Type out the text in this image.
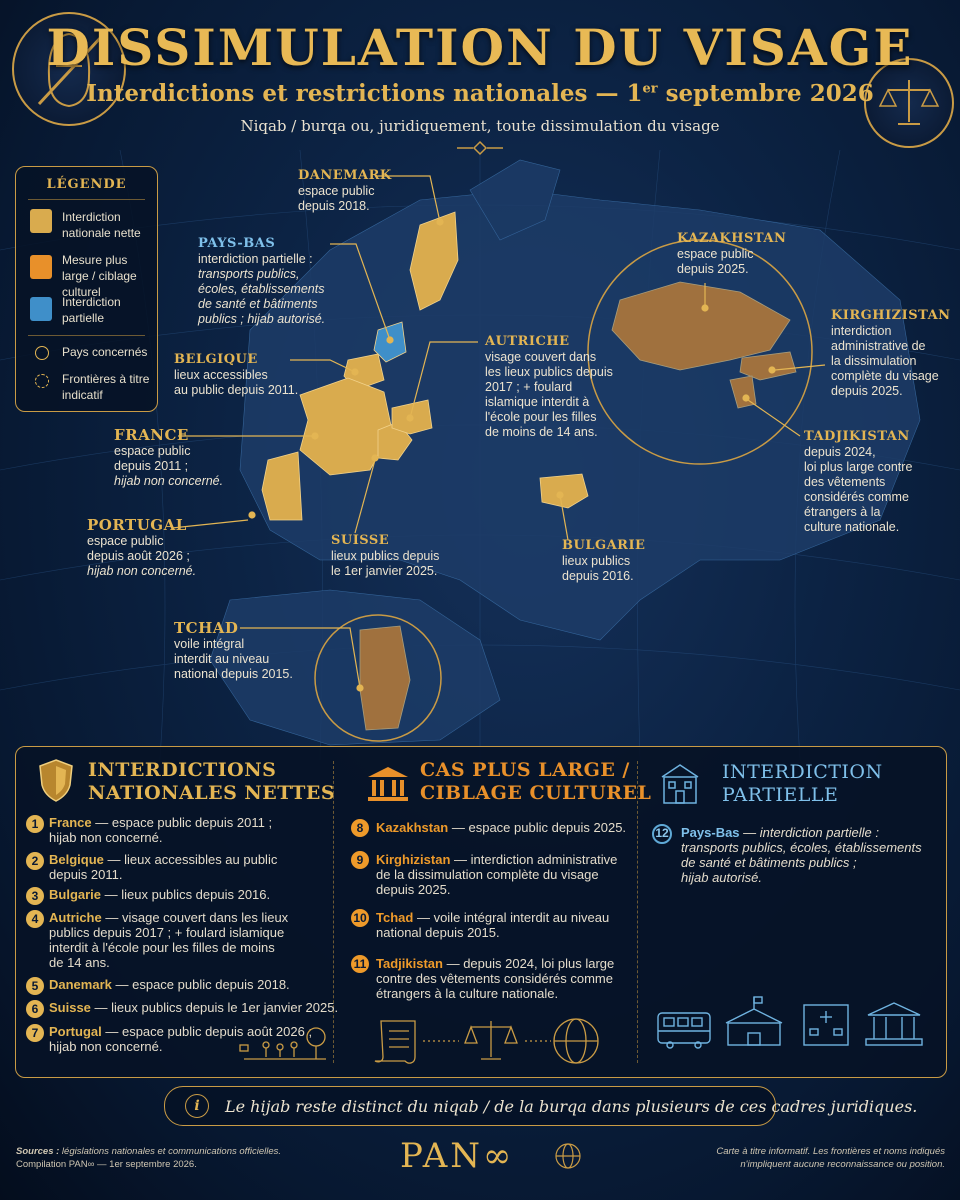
DISSIMULATION DU VISAGE
Interdictions et restrictions nationales — 1er septembre 2026
Niqab / burqa ou, juridiquement, toute dissimulation du visage
LÉGENDE
Interdiction nationale nette
Mesure plus large / ciblage culturel
Interdiction partielle
Pays concernés
Frontières à titre indicatif
DANEMARK
espace public
depuis 2018.
PAYS-BAS
interdiction partielle :
transports publics,
écoles, établissements
de santé et bâtiments
publics ; hijab autorisé.
BELGIQUE
lieux accessibles
au public depuis 2011.
FRANCE
espace public
depuis 2011 ;
hijab non concerné.
PORTUGAL
espace public
depuis août 2026 ;
hijab non concerné.
SUISSE
lieux publics depuis
le 1er janvier 2025.
AUTRICHE
visage couvert dans
les lieux publics depuis
2017 ; + foulard
islamique interdit à
l'école pour les filles
de moins de 14 ans.
BULGARIE
lieux publics
depuis 2016.
TCHAD
voile intégral
interdit au niveau
national depuis 2015.
KAZAKHSTAN
espace public
depuis 2025.
KIRGHIZISTAN
interdiction
administrative de
la dissimulation
complète du visage
depuis 2025.
TADJIKISTAN
depuis 2024,
loi plus large contre
des vêtements
considérés comme
étrangers à la
culture nationale.
INTERDICTIONS
NATIONALES NETTES
1 France — espace public depuis 2011 ;
hijab non concerné.
2 Belgique — lieux accessibles au public
depuis 2011.
3 Bulgarie — lieux publics depuis 2016.
4 Autriche — visage couvert dans les lieux
publics depuis 2017 ; + foulard islamique
interdit à l'école pour les filles de moins
de 14 ans.
5 Danemark — espace public depuis 2018.
6 Suisse — lieux publics depuis le 1er janvier 2025.
7 Portugal — espace public depuis août 2026 ;
hijab non concerné.
CAS PLUS LARGE /
CIBLAGE CULTUREL
8 Kazakhstan — espace public depuis 2025.
9 Kirghizistan — interdiction administrative
de la dissimulation complète du visage
depuis 2025.
10 Tchad — voile intégral interdit au niveau
national depuis 2015.
11 Tadjikistan — depuis 2024, loi plus large
contre des vêtements considérés comme
étrangers à la culture nationale.
INTERDICTION
PARTIELLE
12 Pays-Bas — interdiction partielle :
transports publics, écoles, établissements
de santé et bâtiments publics ;
hijab autorisé.
i	Le hijab reste distinct du niqab / de la burqa dans plusieurs de ces cadres juridiques.
Sources : législations nationales et communications officielles.
Compilation PAN∞ — 1er septembre 2026.	PAN∞	Carte à titre informatif. Les frontières et noms indiqués
n'impliquent aucune reconnaissance ou position.
